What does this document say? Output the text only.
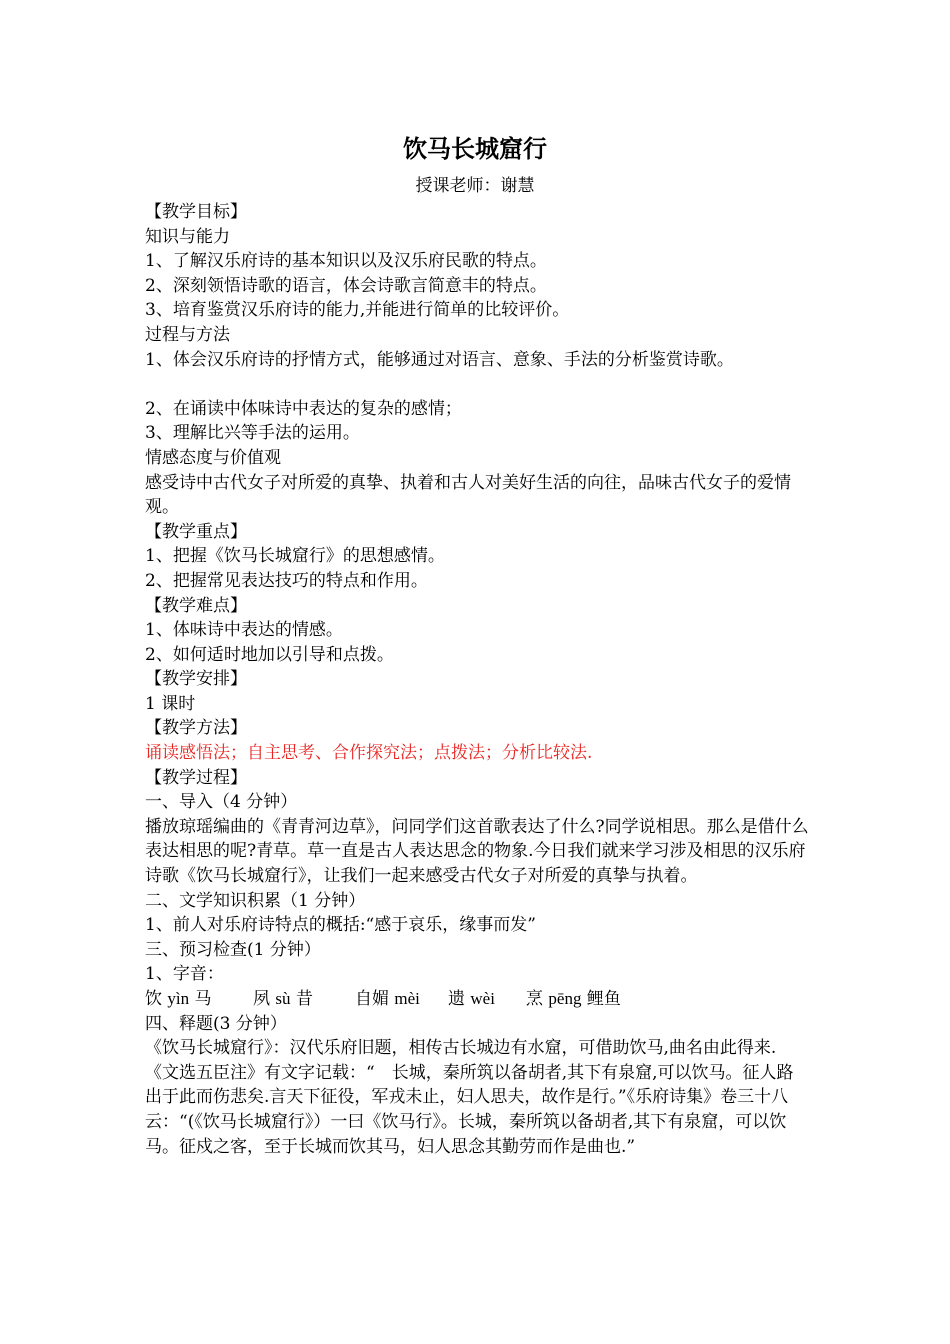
饮马长城窟行
授课老师：谢慧

【教学目标】

知识与能力

1、了解汉乐府诗的基本知识以及汉乐府民歌的特点。

2、深刻领悟诗歌的语言，体会诗歌言简意丰的特点。

3、培育鉴赏汉乐府诗的能力,并能进行简单的比较评价。

过程与方法

1、体会汉乐府诗的抒情方式，能够通过对语言、意象、手法的分析鉴赏诗歌。

2、在诵读中体味诗中表达的复杂的感情；

3、理解比兴等手法的运用。

情感态度与价值观

感受诗中古代女子对所爱的真挚、执着和古人对美好生活的向往，品味古代女子的爱情观。

【教学重点】

1、把握《饮马长城窟行》的思想感情。

2、把握常见表达技巧的特点和作用。

【教学难点】

1、体味诗中表达的情感。

2、如何适时地加以引导和点拨。

【教学安排】

1 课时

【教学方法】

诵读感悟法；自主思考、合作探究法；点拨法；分析比较法.

【教学过程】

一、导入（4 分钟）

播放琼瑶编曲的《青青河边草》，问同学们这首歌表达了什么?同学说相思。那么是借什么表达相思的呢?青草。草一直是古人表达思念的物象.今日我们就来学习涉及相思的汉乐府诗歌《饮马长城窟行》，让我们一起来感受古代女子对所爱的真挚与执着。

二、文学知识积累（1 分钟）

1、前人对乐府诗特点的概括:“感于哀乐，缘事而发”

三、预习检查(1 分钟）

1、字音：

饮 yìn 马 夙 sù 昔 自媚 mèi 遗 wèi 烹 pēng 鲤鱼

四、释题(3 分钟）

《饮马长城窟行》：汉代乐府旧题，相传古长城边有水窟，可借助饮马,曲名由此得来.《文选五臣注》有文字记载：“　长城，秦所筑以备胡者,其下有泉窟,可以饮马。征人路出于此而伤悲矣.言天下征役，军戎未止，妇人思夫，故作是行。”《乐府诗集》卷三十八云：“(《饮马长城窟行》）一曰《饮马行》。长城，秦所筑以备胡者,其下有泉窟，可以饮马。征戍之客，至于长城而饮其马，妇人思念其勤劳而作是曲也.”
